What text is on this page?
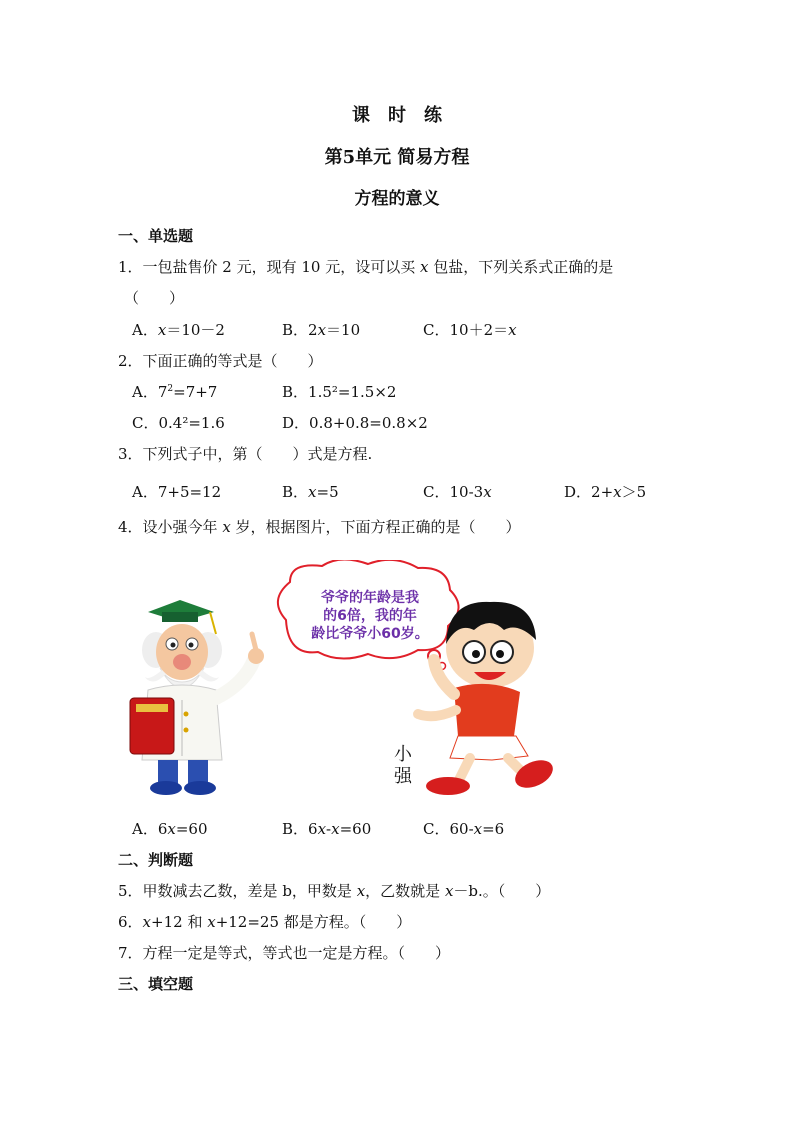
课　时　练
第5单元 简易方程
方程的意义
一、单选题
1．一包盐售价 2 元，现有 10 元，设可以买 x 包盐，下列关系式正确的是
（　　）
A．x＝10－2	B．2x＝10	C．10＋2＝x
2．下面正确的等式是（　　）
A．$7^2=7+7$	B．1.5²=1.5×2
C．0.4²=1.6	D．0.8+0.8=0.8×2
3．下列式子中，第（　　）式是方程.
A．7+5=12	B．x=5	C．10-3x	D．2+x＞5
4．设小强今年 x 岁，根据图片，下面方程正确的是（　　）
爷爷的年龄是我
的6倍，我的年
龄比爷爷小60岁。
小
强
A．6x=60	B．6x-x=60	C．60-x=6
二、判断题
5．甲数减去乙数，差是 b，甲数是 x，乙数就是 x－b.。（　　）
6．x+12 和 x+12=25 都是方程。（　　）
7．方程一定是等式，等式也一定是方程。（　　）
三、填空题
